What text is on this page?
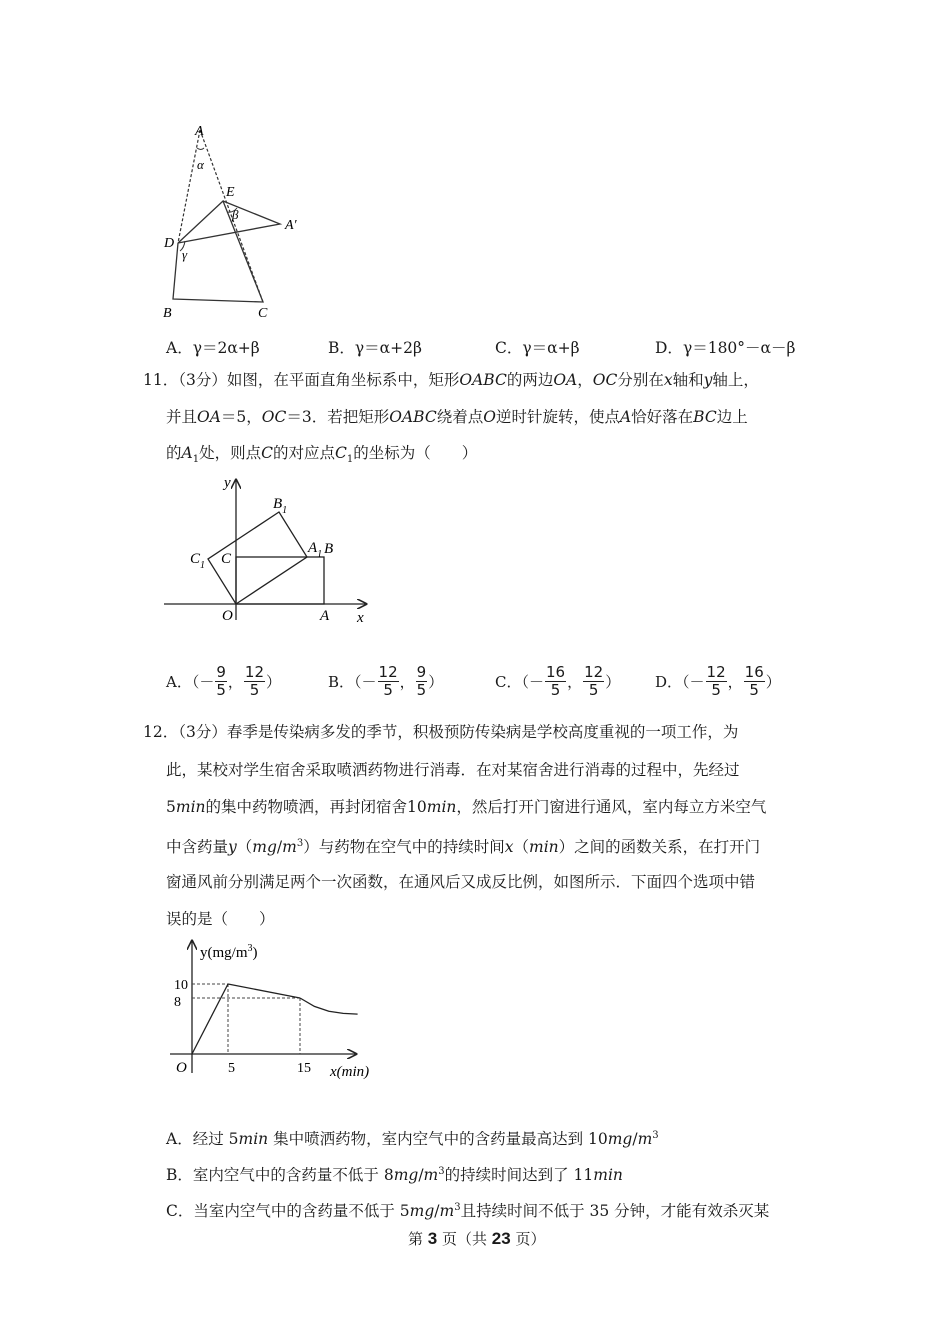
A
α
E
β
A′
D
γ
B	C
A．γ＝2α+β	B．γ＝α+2β	C．γ＝α+β	D．γ＝180°－α－β
11．（3分）如图，在平面直角坐标系中，矩形OABC的两边OA，OC分别在x轴和y轴上，
并且OA＝5，OC＝3．若把矩形OABC绕着点O逆时针旋转，使点A恰好落在BC边上
的$A_1$处，则点C的对应点$C_1$的坐标为（　　）
y
$B_1$
$C_1$ C
$A_1$ B
O	A x
A．（－ $\frac{9}{5}$ ， $\frac{12}{5}$ ）	B．（－ $\frac{12}{5}$ ， $\frac{9}{5}$ ）	C．（－ $\frac{16}{5}$ ， $\frac{12}{5}$ ） D．（－ $\frac{12}{5}$ ， $\frac{16}{5}$ ）
12．（3分）春季是传染病多发的季节，积极预防传染病是学校高度重视的一项工作，为
此，某校对学生宿舍采取喷洒药物进行消毒．在对某宿舍进行消毒的过程中，先经过
5min的集中药物喷洒，再封闭宿舍10min，然后打开门窗进行通风，室内每立方米空气
中含药量$y(mg/m^3)$与药物在空气中的持续时间x（min）之间的函数关系，在打开门
窗通风前分别满足两个一次函数，在通风后又成反比例，如图所示．下面四个选项中错
误的是（　　）
$y(mg/m^3)$
x(min)
O
10
8
5	15
A．经过 5min 集中喷洒药物，室内空气中的含药量最高达到 $10mg/m^3$
B．室内空气中的含药量不低于 $8mg/m^3$的持续时间达到了 11min
C．当室内空气中的含药量不低于 $5mg/m^3$且持续时间不低于 35 分钟，才能有效杀灭某
第 3 页（共 23 页）
